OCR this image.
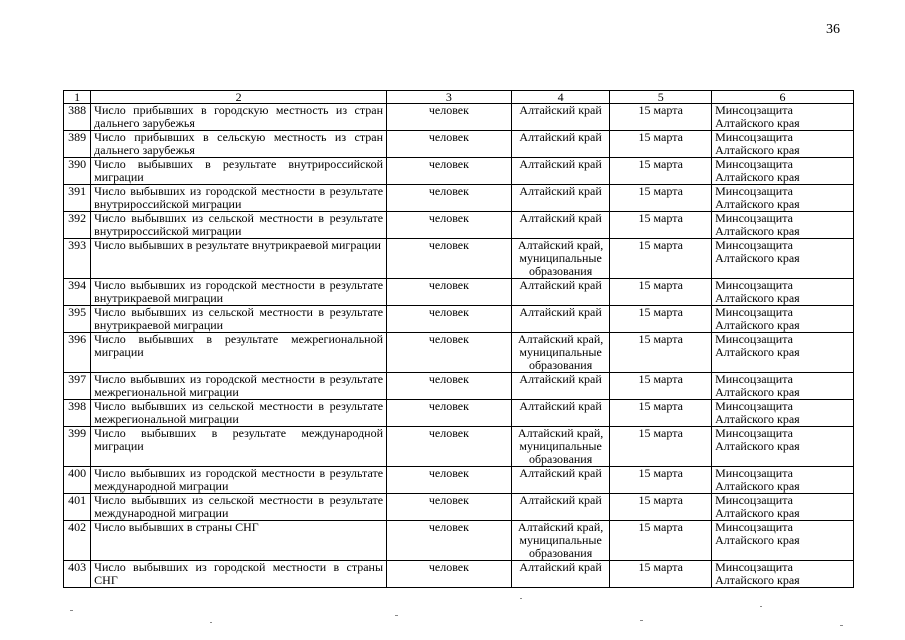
36
1	2	3	4	5	6
388	Число прибывших в городскую местность из стран дальнего зарубежья	человек	Алтайский край	15 марта	Минсоцзащита Алтайского края
389	Число прибывших в сельскую местность из стран дальнего зарубежья	человек	Алтайский край	15 марта	Минсоцзащита Алтайского края
390	Число выбывших в результате внутрироссийской миграции	человек	Алтайский край	15 марта	Минсоцзащита Алтайского края
391	Число выбывших из городской местности в результате внутрироссийской миграции	человек	Алтайский край	15 марта	Минсоцзащита Алтайского края
392	Число выбывших из сельской местности в результате внутрироссийской миграции	человек	Алтайский край	15 марта	Минсоцзащита Алтайского края
393	Число выбывших в результате внутрикраевой миграции	человек	Алтайский край, муниципальные образования	15 марта	Минсоцзащита Алтайского края
394	Число выбывших из городской местности в результате внутрикраевой миграции	человек	Алтайский край	15 марта	Минсоцзащита Алтайского края
395	Число выбывших из сельской местности в результате внутрикраевой миграции	человек	Алтайский край	15 марта	Минсоцзащита Алтайского края
396	Число выбывших в результате межрегиональной миграции	человек	Алтайский край, муниципальные образования	15 марта	Минсоцзащита Алтайского края
397	Число выбывших из городской местности в результате межрегиональной миграции	человек	Алтайский край	15 марта	Минсоцзащита Алтайского края
398	Число выбывших из сельской местности в результате межрегиональной миграции	человек	Алтайский край	15 марта	Минсоцзащита Алтайского края
399	Число выбывших в результате международной миграции	человек	Алтайский край, муниципальные образования	15 марта	Минсоцзащита Алтайского края
400	Число выбывших из городской местности в результате международной миграции	человек	Алтайский край	15 марта	Минсоцзащита Алтайского края
401	Число выбывших из сельской местности в результате международной миграции	человек	Алтайский край	15 марта	Минсоцзащита Алтайского края
402	Число выбывших в страны СНГ	человек	Алтайский край, муниципальные образования	15 марта	Минсоцзащита Алтайского края
403	Число выбывших из городской местности в страны СНГ	человек	Алтайский край	15 марта	Минсоцзащита Алтайского края
